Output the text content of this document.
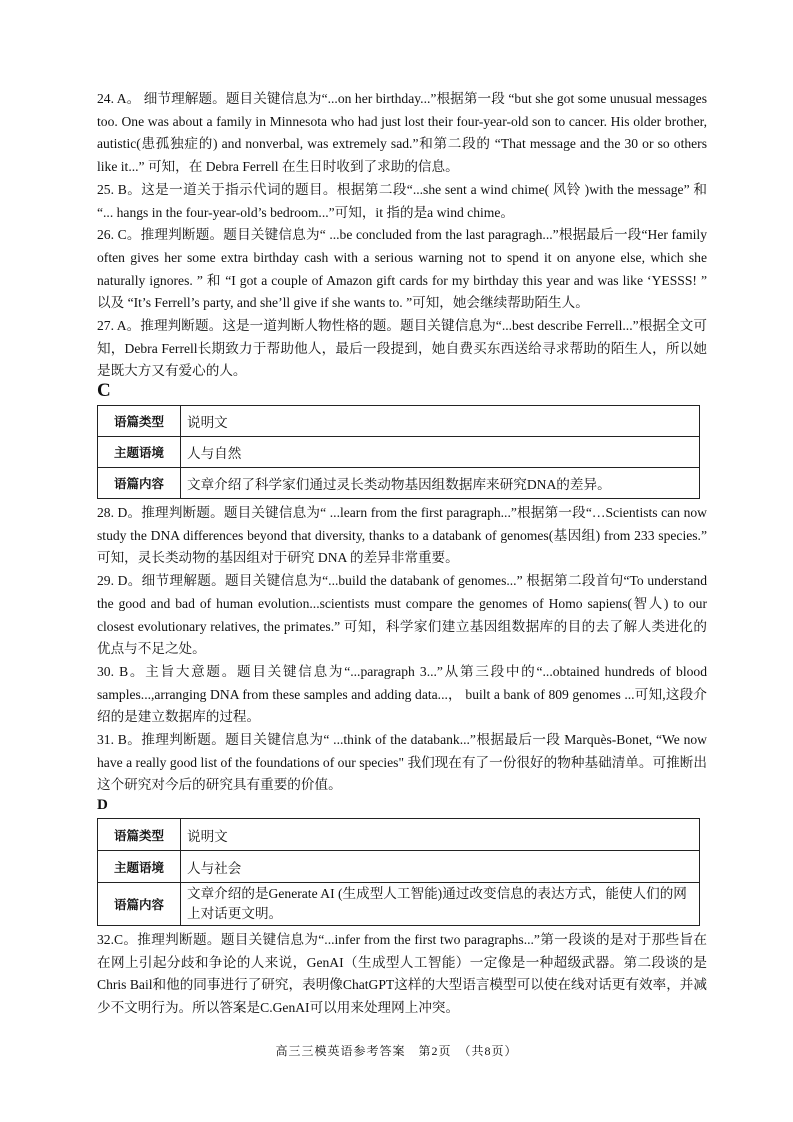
24. A。 细节理解题。题目关键信息为“...on her birthday...”根据第一段 “but she got some unusual messages too. One was about a family in Minnesota who had just lost their four-year-old son to cancer. His older brother, autistic(患孤独症的) and nonverbal, was extremely sad.”和第二段的 “That message and the 30 or so others like it...” 可知，在 Debra Ferrell 在生日时收到了求助的信息。

25. B。这是一道关于指示代词的题目。根据第二段“...she sent a wind chime( 风铃 )with the message” 和 “... hangs in the four-year-old’s bedroom...”可知，it 指的是a wind chime。

26. C。推理判断题。题目关键信息为“ ...be concluded from the last paragragh...”根据最后一段“Her family often gives her some extra birthday cash with a serious warning not to spend it on anyone else, which she naturally ignores. ” 和 “I got a couple of Amazon gift cards for my birthday this year and was like ‘YESSS! ” 以及 “It’s Ferrell’s party, and she’ll give if she wants to. ”可知，她会继续帮助陌生人。

27. A。推理判断题。这是一道判断人物性格的题。题目关键信息为“...best describe Ferrell...”根据全文可知，Debra Ferrell长期致力于帮助他人，最后一段提到，她自费买东西送给寻求帮助的陌生人，所以她是既大方又有爱心的人。

C
语篇类型	说明文
主题语境	人与自然
语篇内容	文章介绍了科学家们通过灵长类动物基因组数据库来研究DNA的差异。

28. D。推理判断题。题目关键信息为“ ...learn from the first paragraph...”根据第一段“…Scientists can now study the DNA differences beyond that diversity, thanks to a databank of genomes(基因组) from 233 species.” 可知，灵长类动物的基因组对于研究 DNA 的差异非常重要。

29. D。细节理解题。题目关键信息为“...build the databank of genomes...” 根据第二段首句“To understand the good and bad of human evolution...scientists must compare the genomes of Homo sapiens(智人) to our closest evolutionary relatives, the primates.” 可知，科学家们建立基因组数据库的目的去了解人类进化的优点与不足之处。

30. B。主旨大意题。题目关键信息为“...paragraph 3...”从第三段中的“...obtained hundreds of blood samples...,arranging DNA from these samples and adding data...， built a bank of 809 genomes ...可知,这段介绍的是建立数据库的过程。

31. B。推理判断题。题目关键信息为“ ...think of the databank...”根据最后一段 Marquès-Bonet, “We now have a really good list of the foundations of our species" 我们现在有了一份很好的物种基础清单。可推断出这个研究对今后的研究具有重要的价值。

D
语篇类型	说明文
主题语境	人与社会
语篇内容	文章介绍的是Generate AI (生成型人工智能)通过改变信息的表达方式，能使人们的网上对话更文明。

32.C。推理判断题。题目关键信息为“...infer from the first two paragraphs...”第一段谈的是对于那些旨在在网上引起分歧和争论的人来说，GenAI（生成型人工智能）一定像是一种超级武器。第二段谈的是Chris Bail和他的同事进行了研究，表明像ChatGPT这样的大型语言模型可以使在线对话更有效率，并减少不文明行为。所以答案是C.GenAI可以用来处理网上冲突。

高三三模英语参考答案　第2页　（共8页）
